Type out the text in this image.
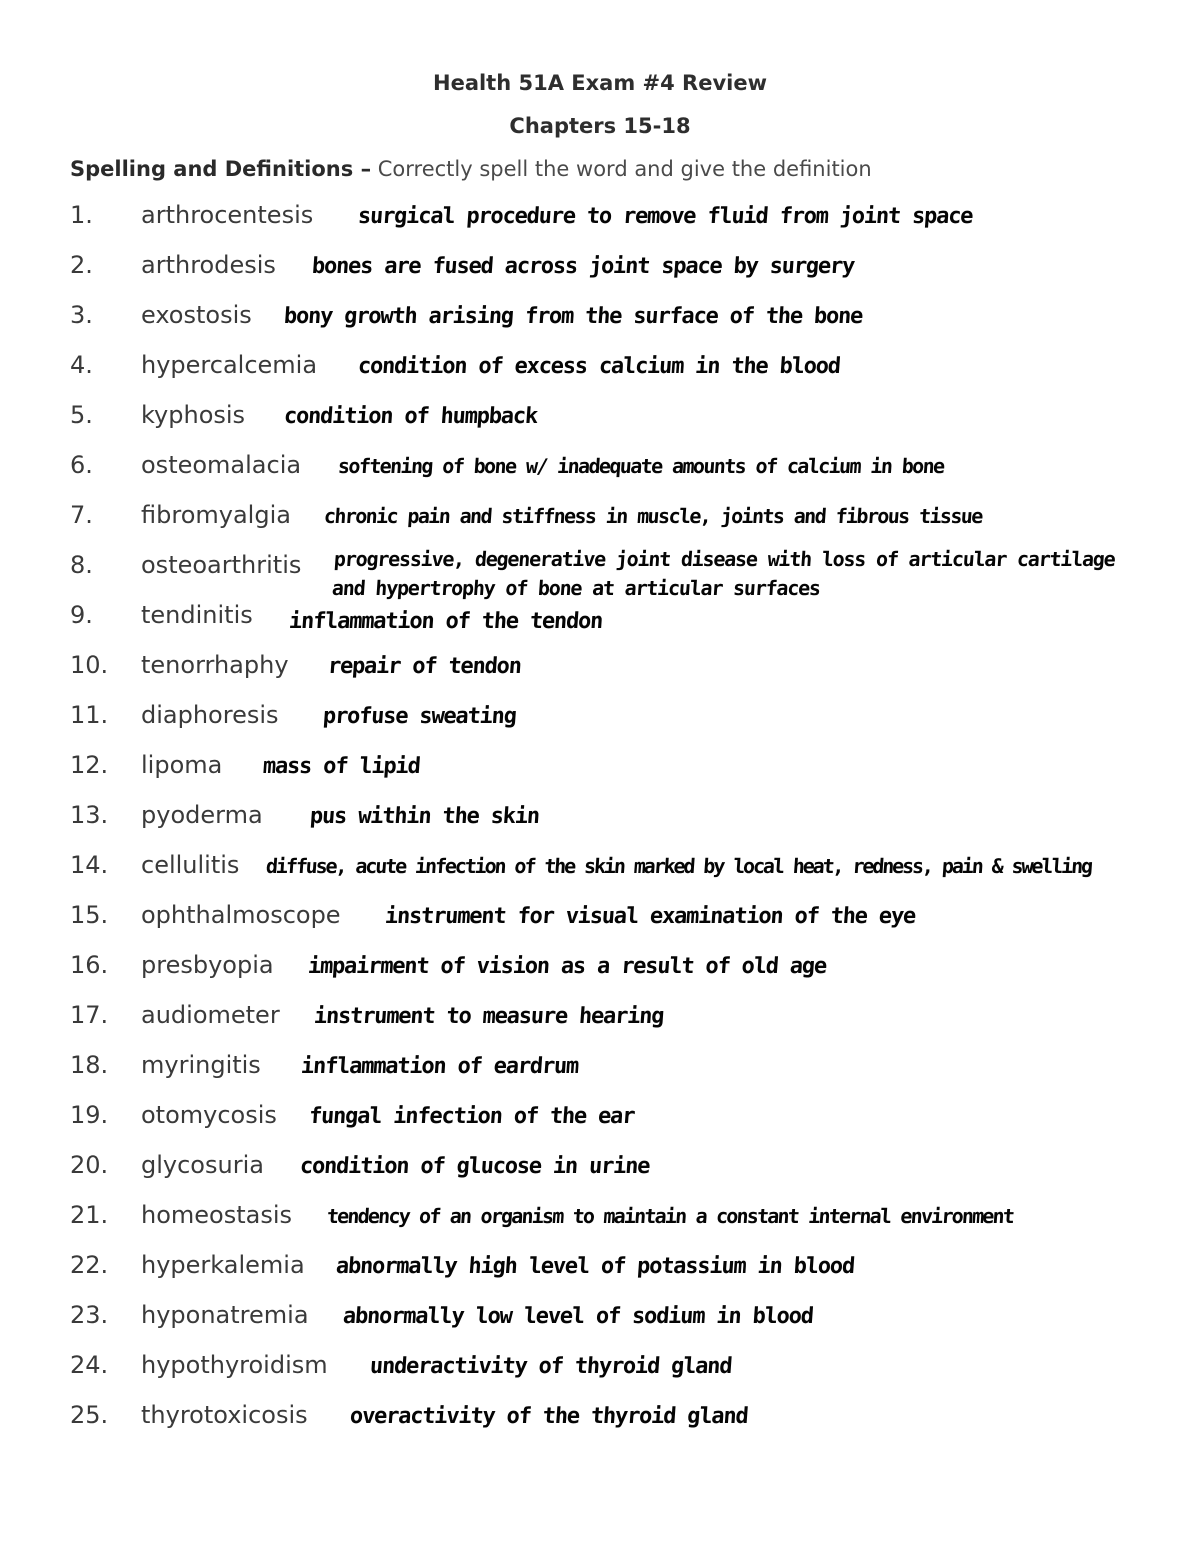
Health 51A Exam #4 Review
Chapters 15-18
Spelling and Definitions – Correctly spell the word and give the definition
1. arthrocentesis surgical procedure to remove fluid from joint space
2. arthrodesis bones are fused across joint space by surgery
3. exostosis bony growth arising from the surface of the bone
4. hypercalcemia condition of excess calcium in the blood
5. kyphosis condition of humpback
6. osteomalacia softening of bone w/ inadequate amounts of calcium in bone
7. fibromyalgia chronic pain and stiffness in muscle, joints and fibrous tissue
8. osteoarthritis progressive, degenerative joint disease with loss of articular cartilage and hypertrophy of bone at articular surfaces
9. tendinitis inflammation of the tendon
10. tenorrhaphy repair of tendon
11. diaphoresis profuse sweating
12. lipoma mass of lipid
13. pyoderma pus within the skin
14. cellulitis diffuse, acute infection of the skin marked by local heat, redness, pain & swelling
15. ophthalmoscope instrument for visual examination of the eye
16. presbyopia impairment of vision as a result of old age
17. audiometer instrument to measure hearing
18. myringitis inflammation of eardrum
19. otomycosis fungal infection of the ear
20. glycosuria condition of glucose in urine
21. homeostasis tendency of an organism to maintain a constant internal environment
22. hyperkalemia abnormally high level of potassium in blood
23. hyponatremia abnormally low level of sodium in blood
24. hypothyroidism underactivity of thyroid gland
25. thyrotoxicosis overactivity of the thyroid gland
